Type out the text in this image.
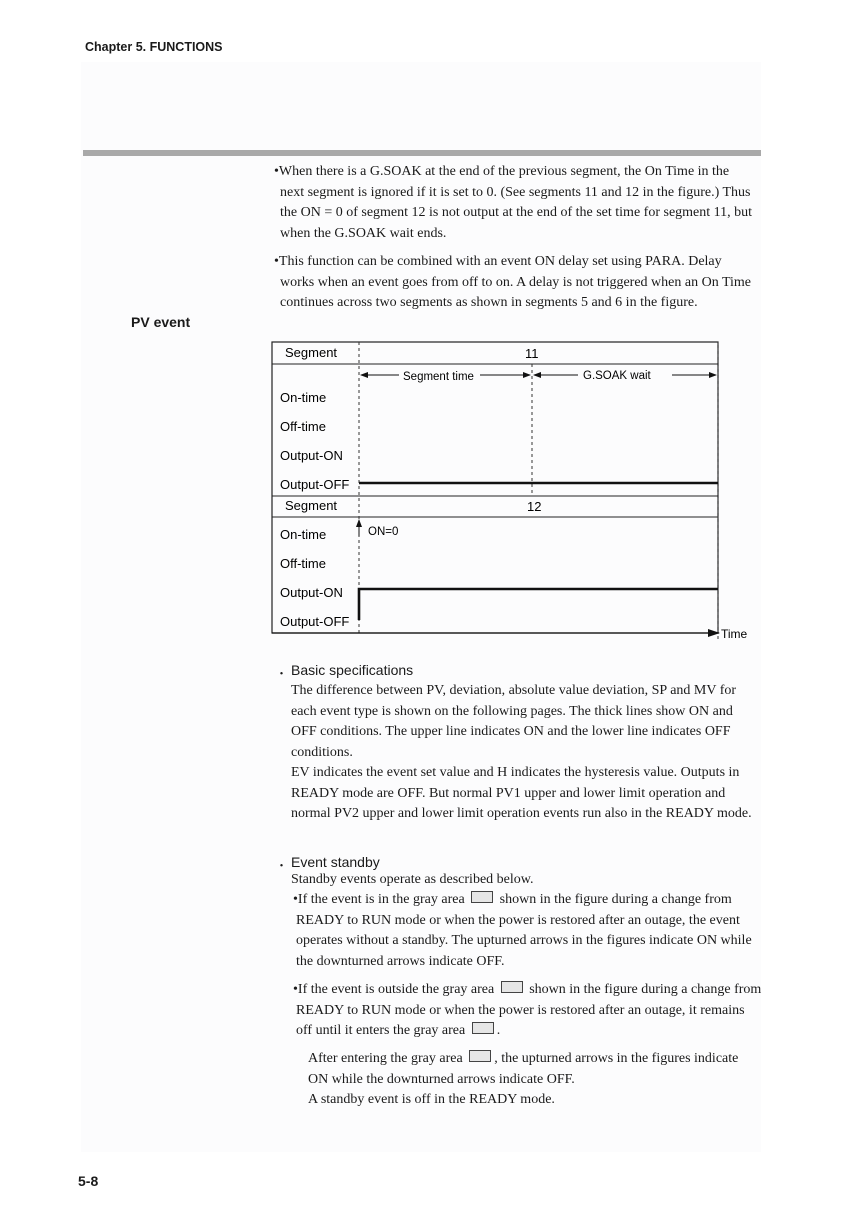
Chapter 5. FUNCTIONS

•When there is a G.SOAK at the end of the previous segment, the On Time in the
next segment is ignored if it is set to 0. (See segments 11 and 12 in the figure.) Thus the ON = 0 of segment 12 is not output at the end of the set time for segment 11, but when the G.SOAK wait ends.

•This function can be combined with an event ON delay set using PARA. Delay
works when an event goes from off to on. A delay is not triggered when an On Time continues across two segments as shown in segments 5 and 6 in the figure.

PV event
Segment	11
Segment time	G.SOAK wait
On-time
Off-time
Output-ON
Output-OFF
Segment	12
On-time
Off-time
Output-ON
Output-OFF
ON=0
Time
・ Basic specifications

The difference between PV, deviation, absolute value deviation, SP and MV for each event type is shown on the following pages. The thick lines show ON and OFF conditions. The upper line indicates ON and the lower line indicates OFF conditions.

EV indicates the event set value and H indicates the hysteresis value. Outputs in READY mode are OFF. But normal PV1 upper and lower limit operation and normal PV2 upper and lower limit operation events run also in the READY mode.

・ Event standby

Standby events operate as described below.

•If the event is in the gray area	shown in the figure during a change from READY to RUN mode or when the power is restored after an outage, the event operates without a standby. The upturned arrows in the figures indicate ON while the downturned arrows indicate OFF.

•If the event is outside the gray area	shown in the figure during a change from READY to RUN mode or when the power is restored after an outage, it remains off until it enters the gray area .

After entering the gray area , the upturned arrows in the figures indicate ON while the downturned arrows indicate OFF.
A standby event is off in the READY mode.

5-8
